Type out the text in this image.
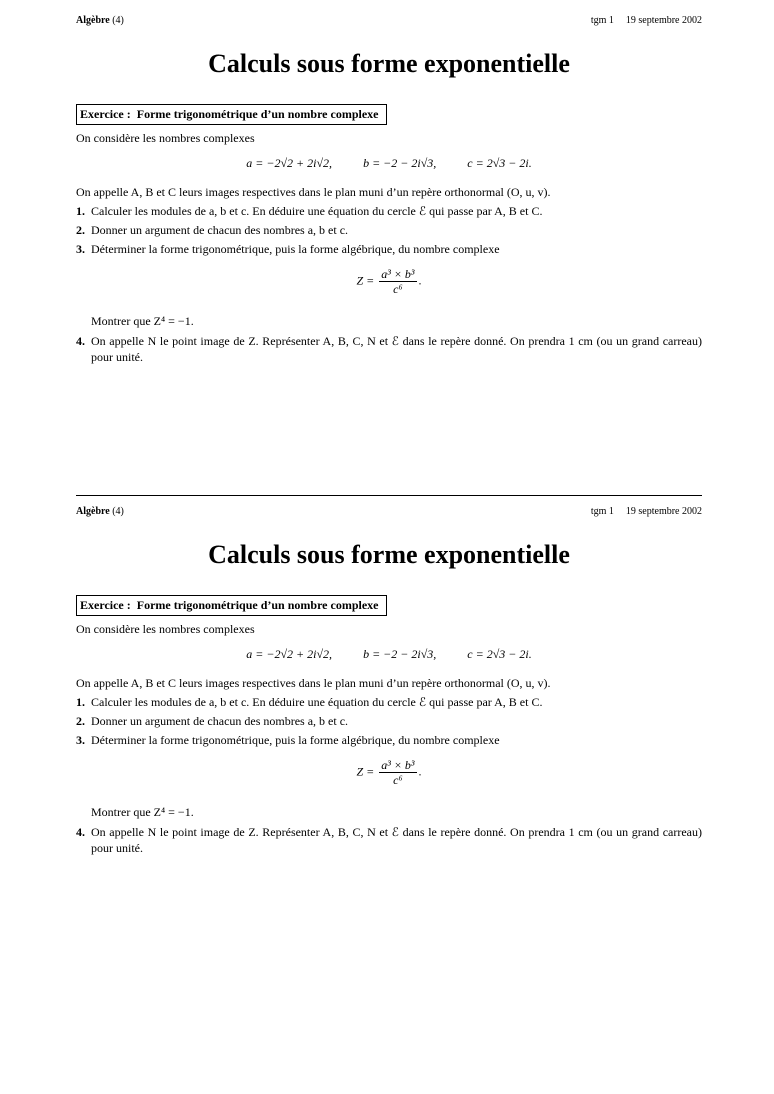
Algèbre (4)	tgm 1 19 septembre 2002
Calculs sous forme exponentielle
Exercice : Forme trigonométrique d’un nombre complexe
On considère les nombres complexes
a = −2√2 + 2i√2,	b = −2 − 2i√3,	c = 2√3 − 2i.
On appelle A, B et C leurs images respectives dans le plan muni d’un repère orthonormal (O, u, v).
1. Calculer les modules de a, b et c. En déduire une équation du cercle ℰ qui passe par A, B et C.
2. Donner un argument de chacun des nombres a, b et c.
3. Déterminer la forme trigonométrique, puis la forme algébrique, du nombre complexe
$Z = \frac{\text{a³ × b³}}{\text{c⁶}}$ .
Montrer que Z⁴ = −1.
4. On appelle N le point image de Z. Représenter A, B, C, N et ℰ dans le repère donné. On prendra 1 cm (ou un grand carreau) pour unité.
Algèbre (4)	tgm 1 19 septembre 2002
Calculs sous forme exponentielle
Exercice : Forme trigonométrique d’un nombre complexe
On considère les nombres complexes
a = −2√2 + 2i√2,	b = −2 − 2i√3,	c = 2√3 − 2i.
On appelle A, B et C leurs images respectives dans le plan muni d’un repère orthonormal (O, u, v).
1. Calculer les modules de a, b et c. En déduire une équation du cercle ℰ qui passe par A, B et C.
2. Donner un argument de chacun des nombres a, b et c.
3. Déterminer la forme trigonométrique, puis la forme algébrique, du nombre complexe
$Z = \frac{\text{a³ × b³}}{\text{c⁶}}$ .
Montrer que Z⁴ = −1.
4. On appelle N le point image de Z. Représenter A, B, C, N et ℰ dans le repère donné. On prendra 1 cm (ou un grand carreau) pour unité.
